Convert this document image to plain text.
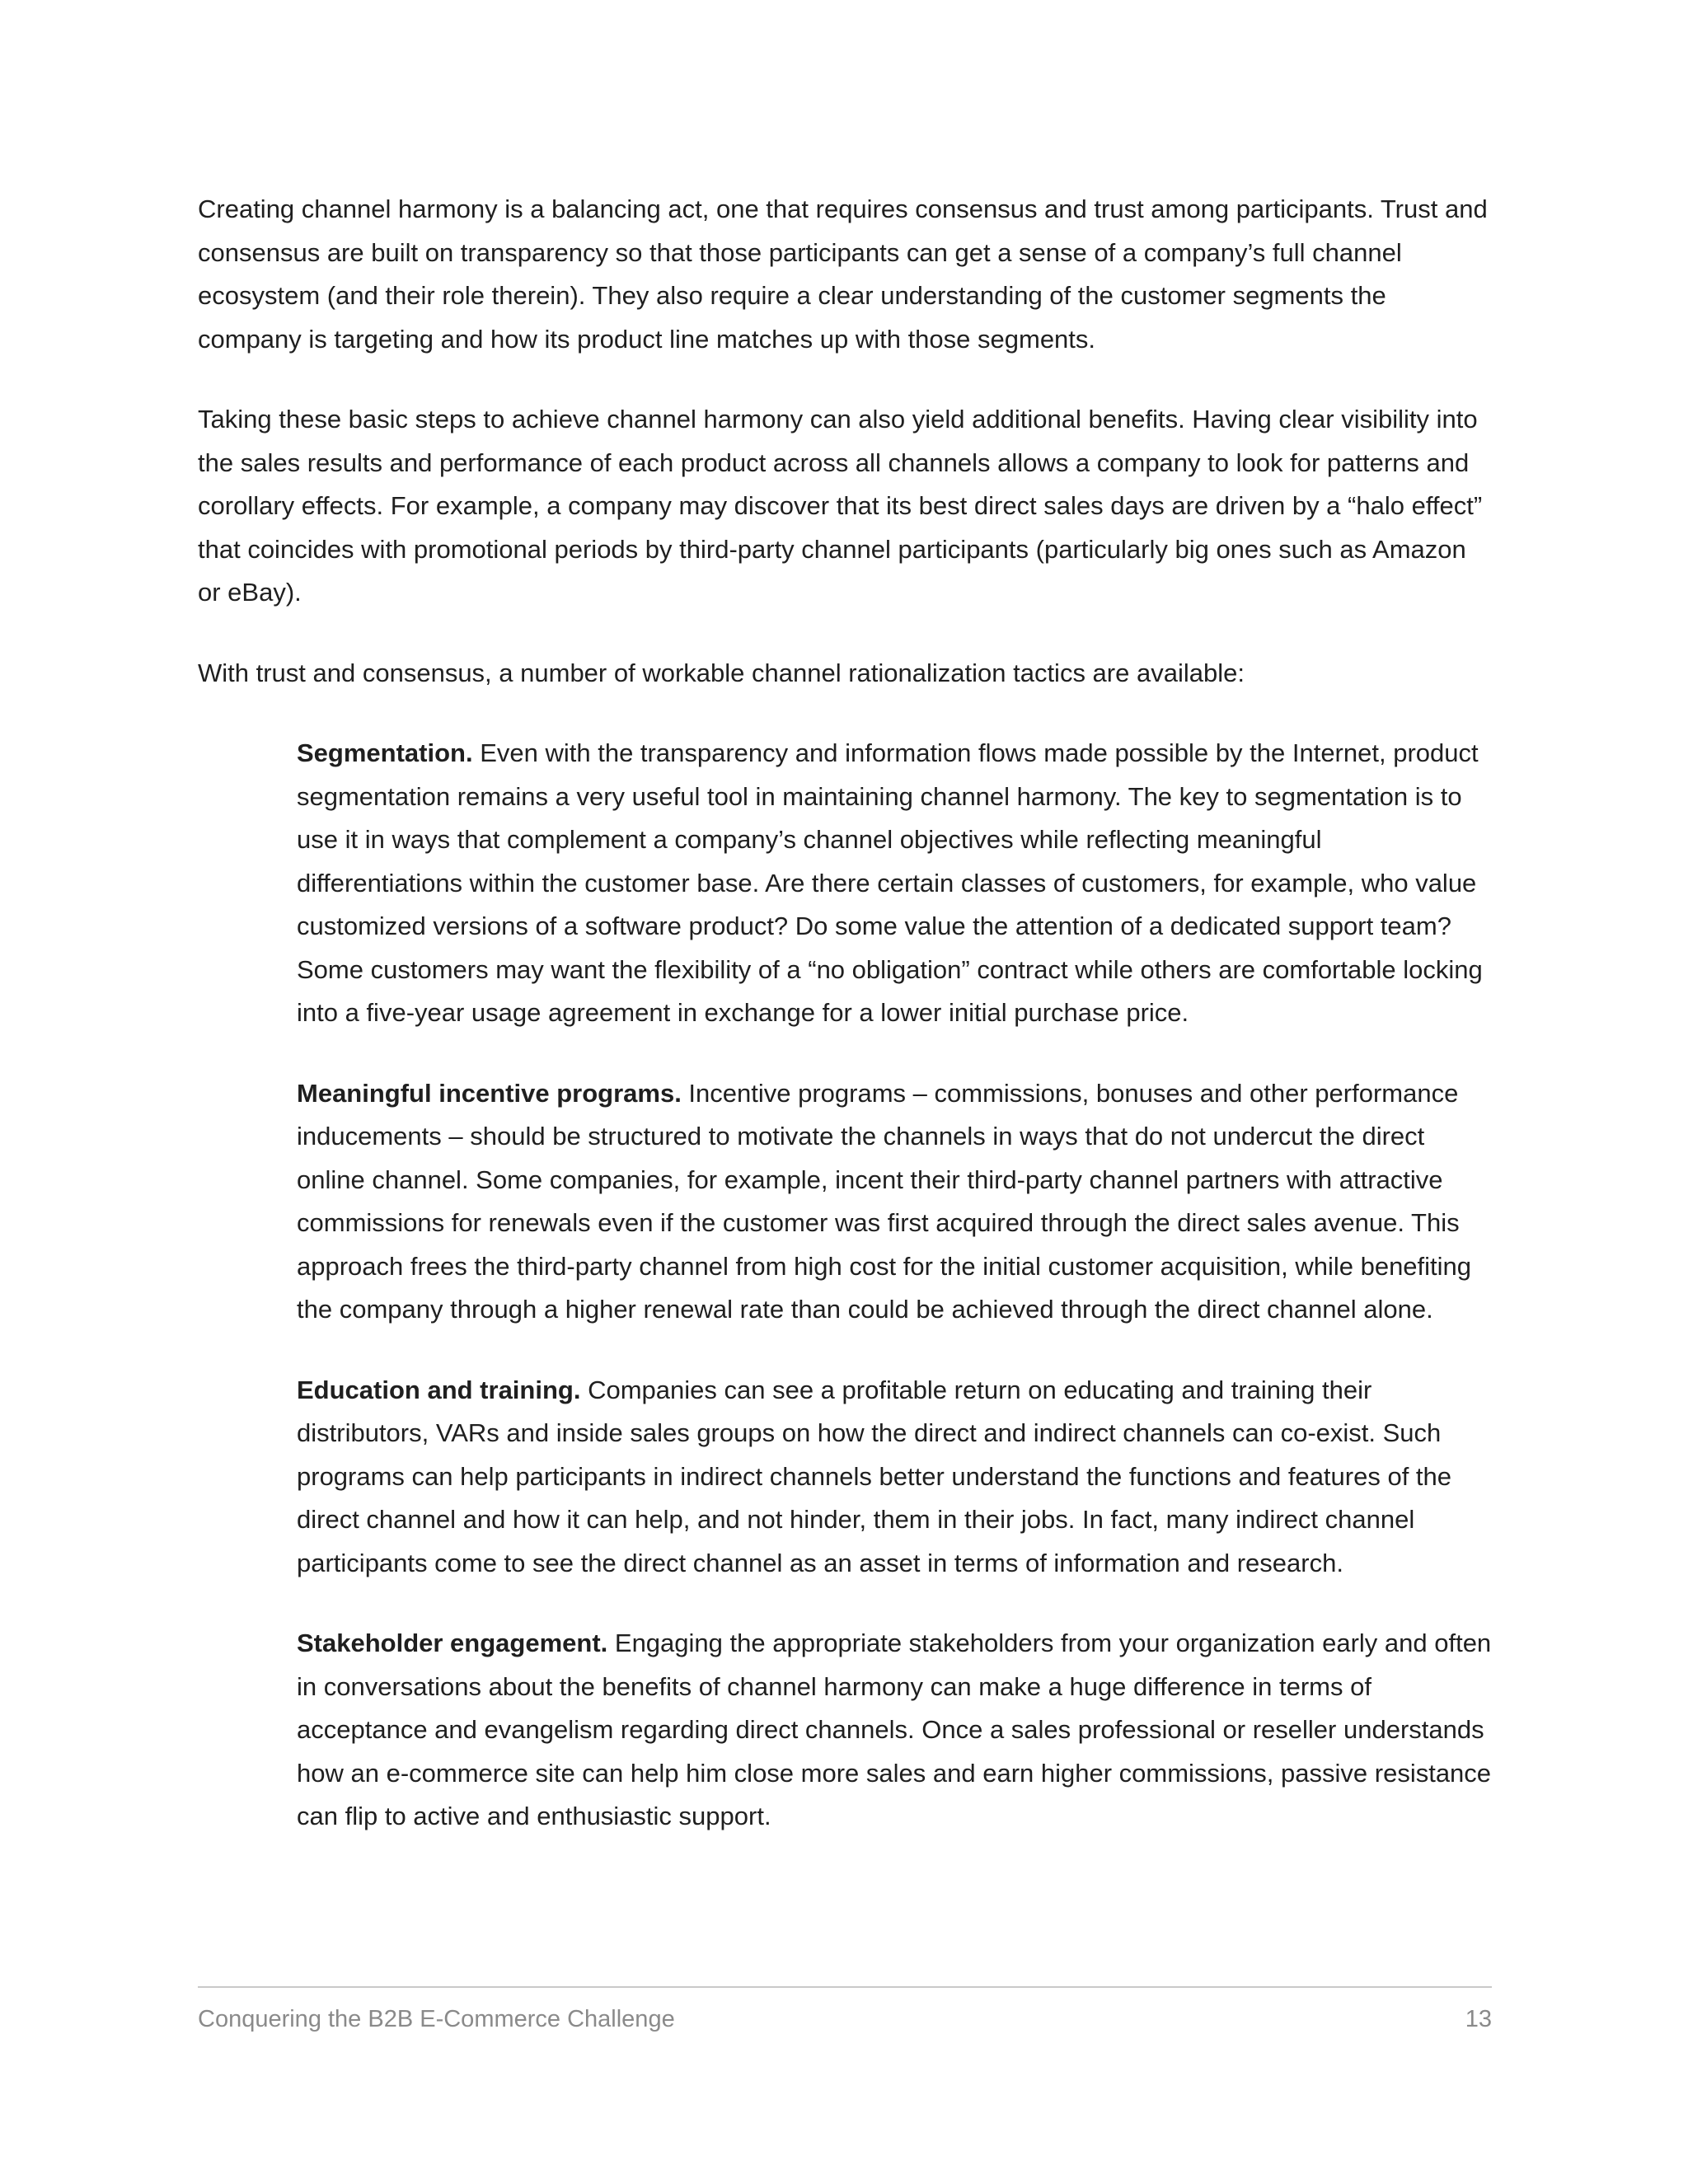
Creating channel harmony is a balancing act, one that requires consensus and trust among participants. Trust and consensus are built on transparency so that those participants can get a sense of a company’s full channel ecosystem (and their role therein). They also require a clear understanding of the customer segments the company is targeting and how its product line matches up with those segments.

Taking these basic steps to achieve channel harmony can also yield additional benefits. Having clear visibility into the sales results and performance of each product across all channels allows a company to look for patterns and corollary effects. For example, a company may discover that its best direct sales days are driven by a “halo effect” that coincides with promotional periods by third-party channel participants (particularly big ones such as Amazon or eBay).

With trust and consensus, a number of workable channel rationalization tactics are available:

Segmentation. Even with the transparency and information flows made possible by the Internet, product segmentation remains a very useful tool in maintaining channel harmony. The key to segmentation is to use it in ways that complement a company’s channel objectives while reflecting meaningful differentiations within the customer base. Are there certain classes of customers, for example, who value customized versions of a software product? Do some value the attention of a dedicated support team? Some customers may want the flexibility of a “no obligation” contract while others are comfortable locking into a five-year usage agreement in exchange for a lower initial purchase price.

Meaningful incentive programs. Incentive programs – commissions, bonuses and other performance inducements – should be structured to motivate the channels in ways that do not undercut the direct online channel. Some companies, for example, incent their third-party channel partners with attractive commissions for renewals even if the customer was first acquired through the direct sales avenue. This approach frees the third-party channel from high cost for the initial customer acquisition, while benefiting the company through a higher renewal rate than could be achieved through the direct channel alone.

Education and training. Companies can see a profitable return on educating and training their distributors, VARs and inside sales groups on how the direct and indirect channels can co-exist. Such programs can help participants in indirect channels better understand the functions and features of the direct channel and how it can help, and not hinder, them in their jobs. In fact, many indirect channel participants come to see the direct channel as an asset in terms of information and research.

Stakeholder engagement. Engaging the appropriate stakeholders from your organization early and often in conversations about the benefits of channel harmony can make a huge difference in terms of acceptance and evangelism regarding direct channels. Once a sales professional or reseller understands how an e-commerce site can help him close more sales and earn higher commissions, passive resistance can flip to active and enthusiastic support.

Conquering the B2B E-Commerce Challenge	13
